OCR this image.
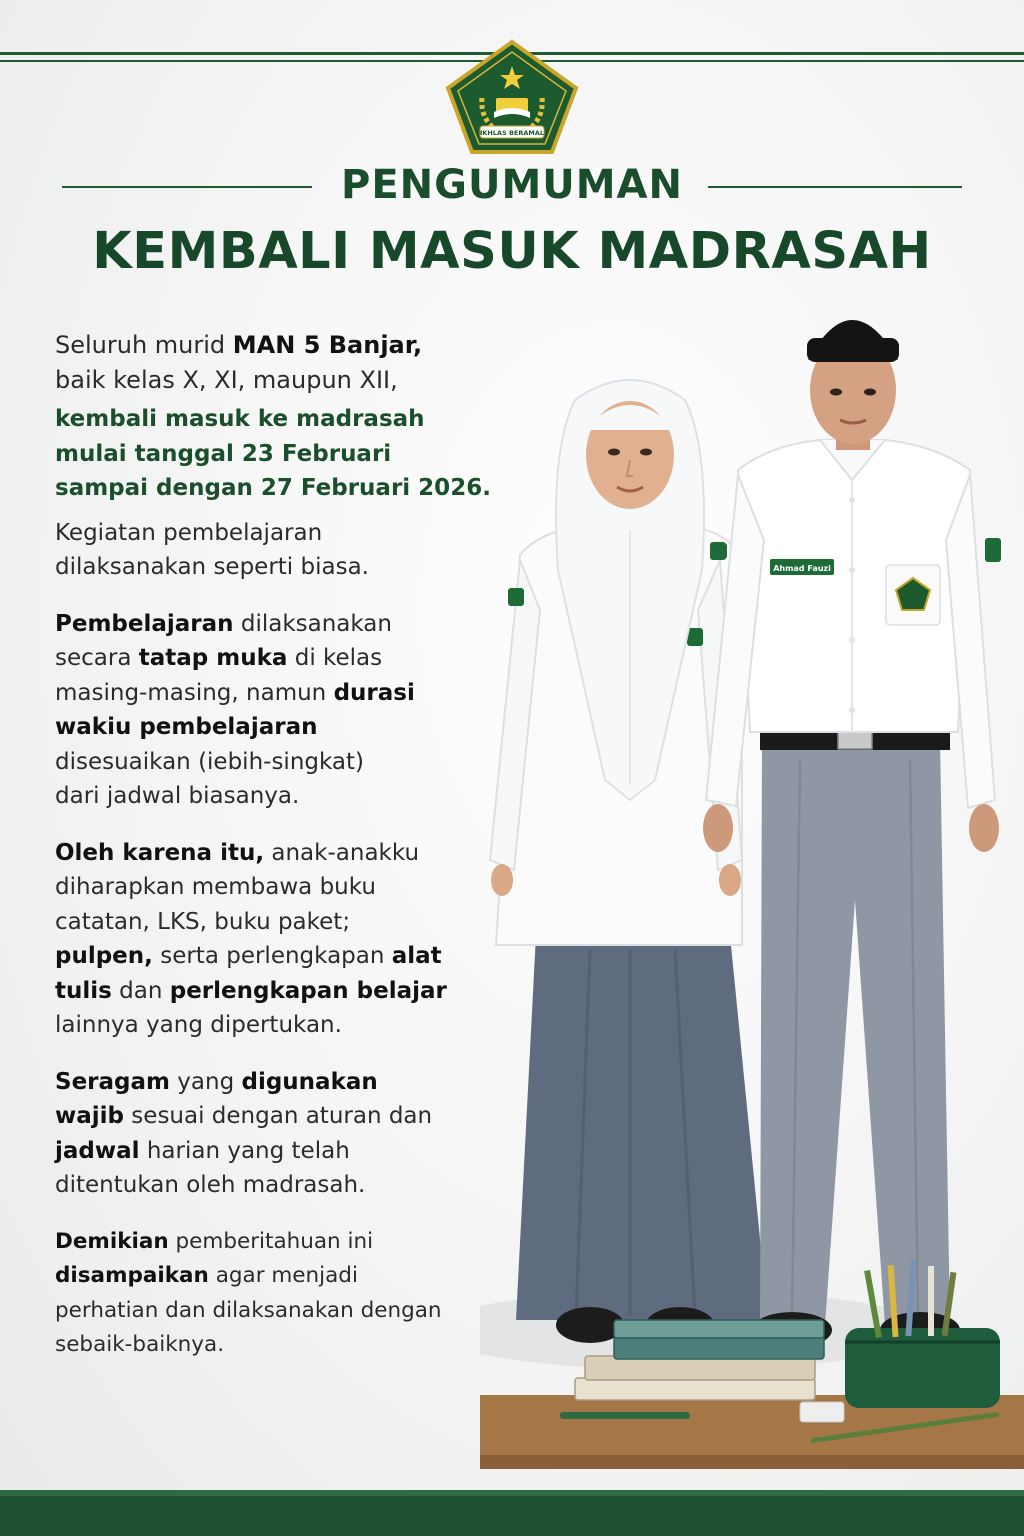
IKHLAS BERAMAL
PENGUMUMAN
KEMBALI MASUK MADRASAH

Seluruh murid MAN 5 Banjar,
baik kelas X, XI, maupun XII,

kembali masuk ke madrasah
mulai tanggal 23 Februari
sampai dengan 27 Februari 2026.

Kegiatan pembelajaran dilaksanakan seperti biasa.

Pembelajaran dilaksanakan secara tatap muka di kelas masing-masing, namun durasi wakiu pembelajaran disesuaikan (iebih-singkat) dari jadwal biasanya.

Oleh karena itu, anak-anakku diharapkan membawa buku catatan, LKS, buku paket; pulpen, serta perlengkapan alat tulis dan perlengkapan belajar lainnya yang dipertukan.

Seragam yang digunakan wajib sesuai dengan aturan dan jadwal harian yang telah ditentukan oleh madrasah.

Demikian pemberitahuan ini disampaikan agar menjadi perhatian dan dilaksanakan dengan sebaik-baiknya.

Ahmad Fauzi
